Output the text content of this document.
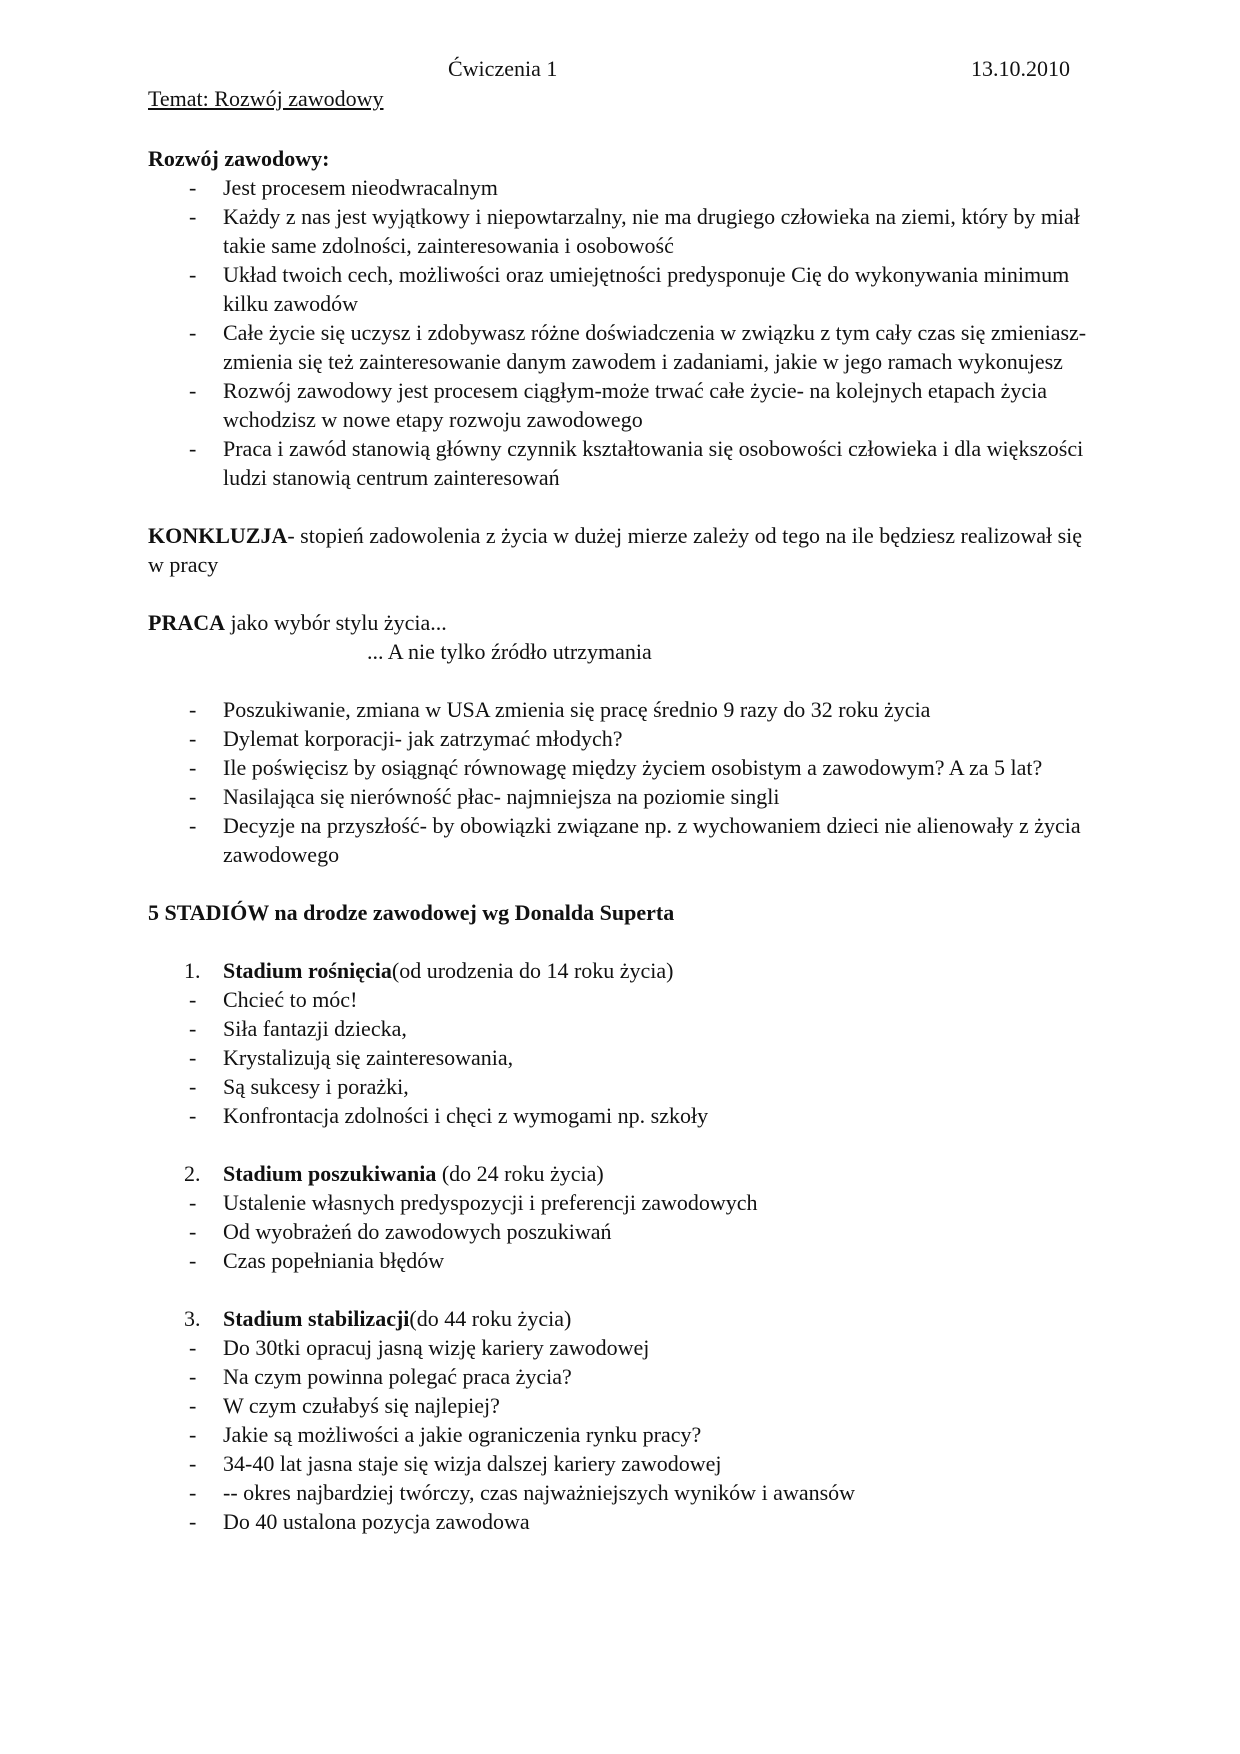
Ćwiczenia 1	13.10.2010
Temat: Rozwój zawodowy

Rozwój zawodowy:

- Jest procesem nieodwracalnym
- Każdy z nas jest wyjątkowy i niepowtarzalny, nie ma drugiego człowieka na ziemi, który by miał takie same zdolności, zainteresowania i osobowość
- Układ twoich cech, możliwości oraz umiejętności predysponuje Cię do wykonywania minimum kilku zawodów
- Całe życie się uczysz i zdobywasz różne doświadczenia w związku z tym cały czas się zmieniasz-zmienia się też zainteresowanie danym zawodem i zadaniami, jakie w jego ramach wykonujesz
- Rozwój zawodowy jest procesem ciągłym-może trwać całe życie- na kolejnych etapach życia wchodzisz w nowe etapy rozwoju zawodowego
- Praca i zawód stanowią główny czynnik kształtowania się osobowości człowieka i dla większości ludzi stanowią centrum zainteresowań

KONKLUZJA- stopień zadowolenia z życia w dużej mierze zależy od tego na ile będziesz realizował się w pracy

PRACA jako wybór stylu życia...

... A nie tylko źródło utrzymania

- Poszukiwanie, zmiana w USA zmienia się pracę średnio 9 razy do 32 roku życia
- Dylemat korporacji- jak zatrzymać młodych?
- Ile poświęcisz by osiągnąć równowagę między życiem osobistym a zawodowym? A za 5 lat?
- Nasilająca się nierówność płac- najmniejsza na poziomie singli
- Decyzje na przyszłość- by obowiązki związane np. z wychowaniem dzieci nie alienowały z życia zawodowego

5 STADIÓW na drodze zawodowej wg Donalda Superta

1. Stadium rośnięcia(od urodzenia do 14 roku życia)

- Chcieć to móc!
- Siła fantazji dziecka,
- Krystalizują się zainteresowania,
- Są sukcesy i porażki,
- Konfrontacja zdolności i chęci z wymogami np. szkoły

2. Stadium poszukiwania (do 24 roku życia)

- Ustalenie własnych predyspozycji i preferencji zawodowych
- Od wyobrażeń do zawodowych poszukiwań
- Czas popełniania błędów

3. Stadium stabilizacji(do 44 roku życia)

- Do 30tki opracuj jasną wizję kariery zawodowej
- Na czym powinna polegać praca życia?
- W czym czułabyś się najlepiej?
- Jakie są możliwości a jakie ograniczenia rynku pracy?
- 34-40 lat jasna staje się wizja dalszej kariery zawodowej
- -- okres najbardziej twórczy, czas najważniejszych wyników i awansów
- Do 40 ustalona pozycja zawodowa
